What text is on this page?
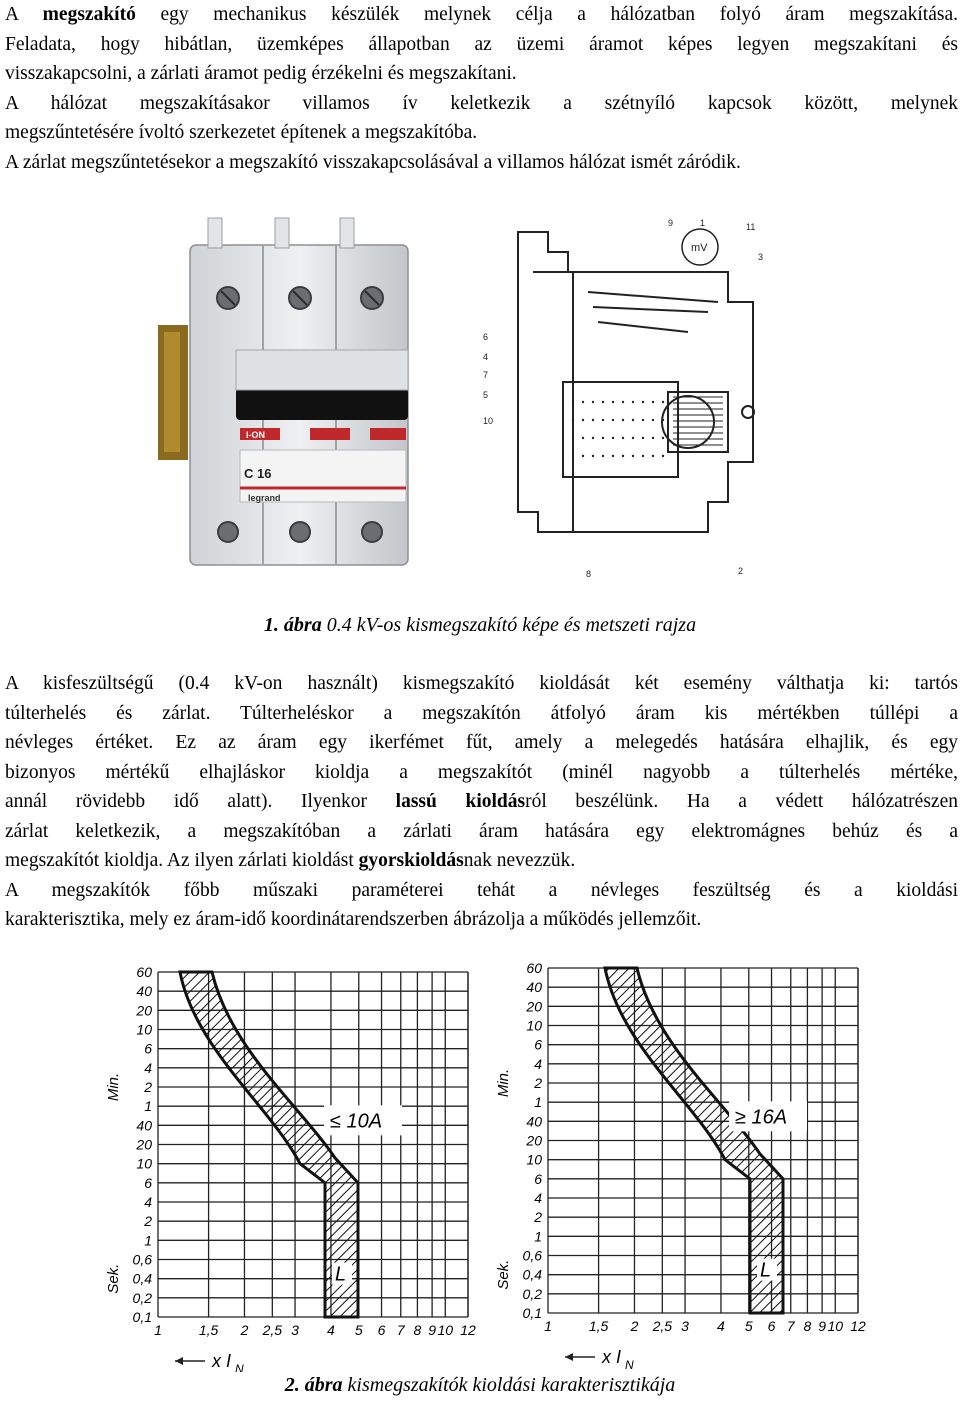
A megszakító egy mechanikus készülék melynek célja a hálózatban folyó áram megszakítása.
Feladata, hogy hibátlan, üzemképes állapotban az üzemi áramot képes legyen megszakítani és
visszakapcsolni, a zárlati áramot pedig érzékelni és megszakítani.
A hálózat megszakításakor villamos ív keletkezik a szétnyíló kapcsok között, melynek
megszűntetésére ívoltó szerkezetet építenek a megszakítóba.
A zárlat megszűntetésekor a megszakító visszakapcsolásával a villamos hálózat ismét záródik.
I-ON
C 16
legrand
9	1	11
mV
3
6
4
7
5
10
8	2

1. ábra 0.4 kV-os kismegszakító képe és metszeti rajza

A kisfeszültségű (0.4 kV-on használt) kismegszakító kioldását két esemény válthatja ki: tartós
túlterhelés és zárlat. Túlterheléskor a megszakítón átfolyó áram kis mértékben túllépi a
névleges értéket. Ez az áram egy ikerfémet fűt, amely a melegedés hatására elhajlik, és egy
bizonyos mértékű elhajláskor kioldja a megszakítót (minél nagyobb a túlterhelés mértéke,
annál rövidebb idő alatt). Ilyenkor lassú kioldásról beszélünk. Ha a védett hálózatrészen
zárlat keletkezik, a megszakítóban a zárlati áram hatására egy elektromágnes behúz és a
megszakítót kioldja. Az ilyen zárlati kioldást gyorskioldásnak nevezzük.
A megszakítók főbb műszaki paraméterei tehát a névleges feszültség és a kioldási
karakterisztika, mely ez áram-idő koordinátarendszerben ábrázolja a működés jellemzőit.
60
40
20
10
6
4
2
1
40
20
10
6
4
2
1
0,6
0,4
0,2
0,1
1	1,5 2 2,5 3 4 5 6 7 8 9 10 12
Min.
Sek.
x I N
≤ 10A
L
60
40
20
10
6
4
2
1
40
20
10
6
4
2
1
0,6
0,4
0,2
0,1
1	1,5 2 2,5 3 4 5 6 7 8 9 10 12
Min.
Sek.
x I N
≥ 16A
L

2. ábra kismegszakítók kioldási karakterisztikája
